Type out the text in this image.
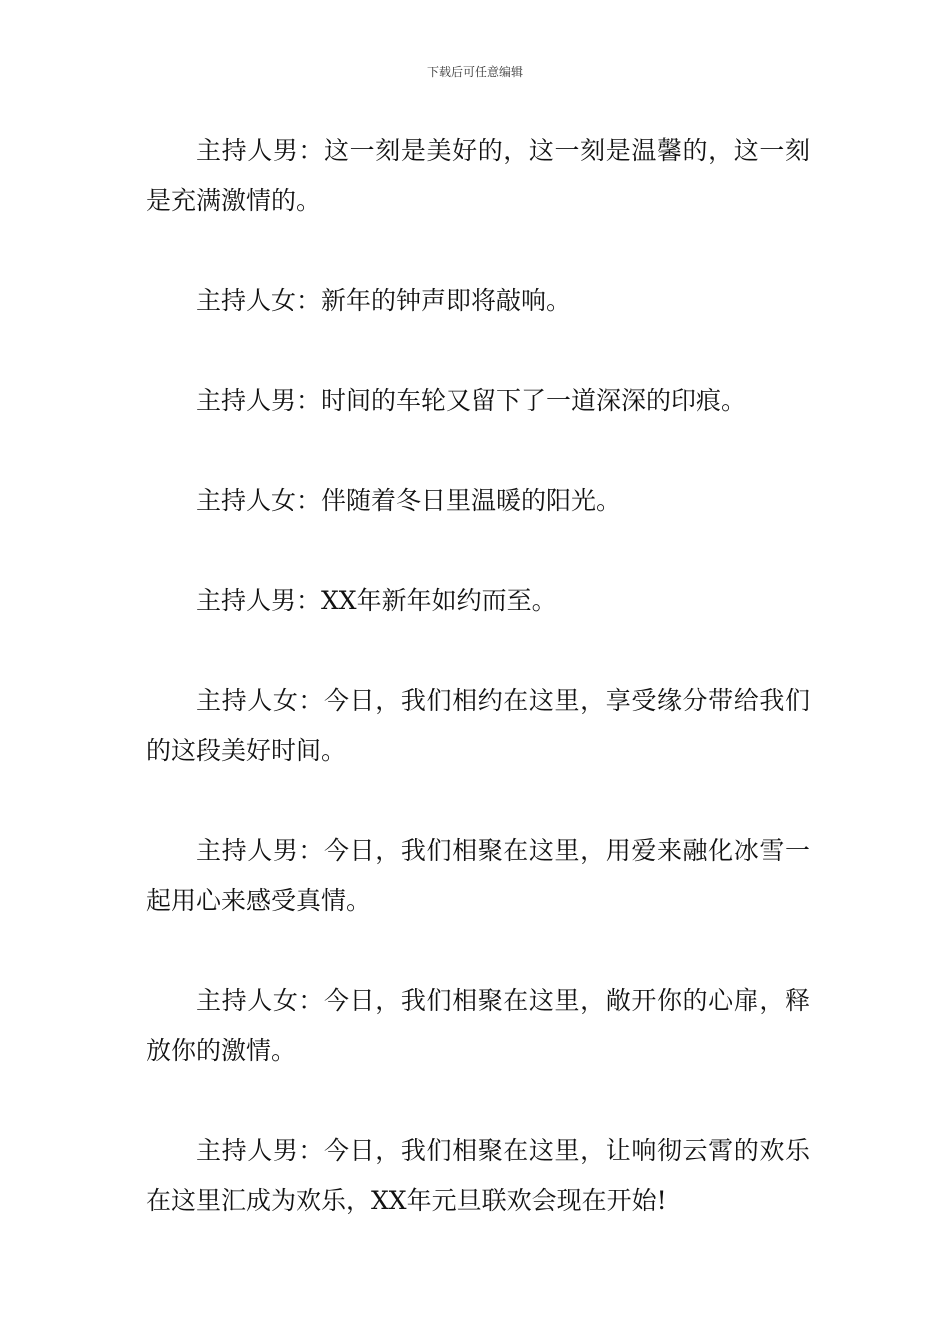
下载后可任意编辑

主持人男：这一刻是美好的，这一刻是温馨的，这一刻是充满激情的。

主持人女：新年的钟声即将敲响。

主持人男：时间的车轮又留下了一道深深的印痕。

主持人女：伴随着冬日里温暖的阳光。

主持人男：XX年新年如约而至。

主持人女：今日，我们相约在这里，享受缘分带给我们的这段美好时间。

主持人男：今日，我们相聚在这里，用爱来融化冰雪一起用心来感受真情。

主持人女：今日，我们相聚在这里，敞开你的心扉，释放你的激情。

主持人男：今日，我们相聚在这里，让响彻云霄的欢乐在这里汇成为欢乐，XX年元旦联欢会现在开始!
